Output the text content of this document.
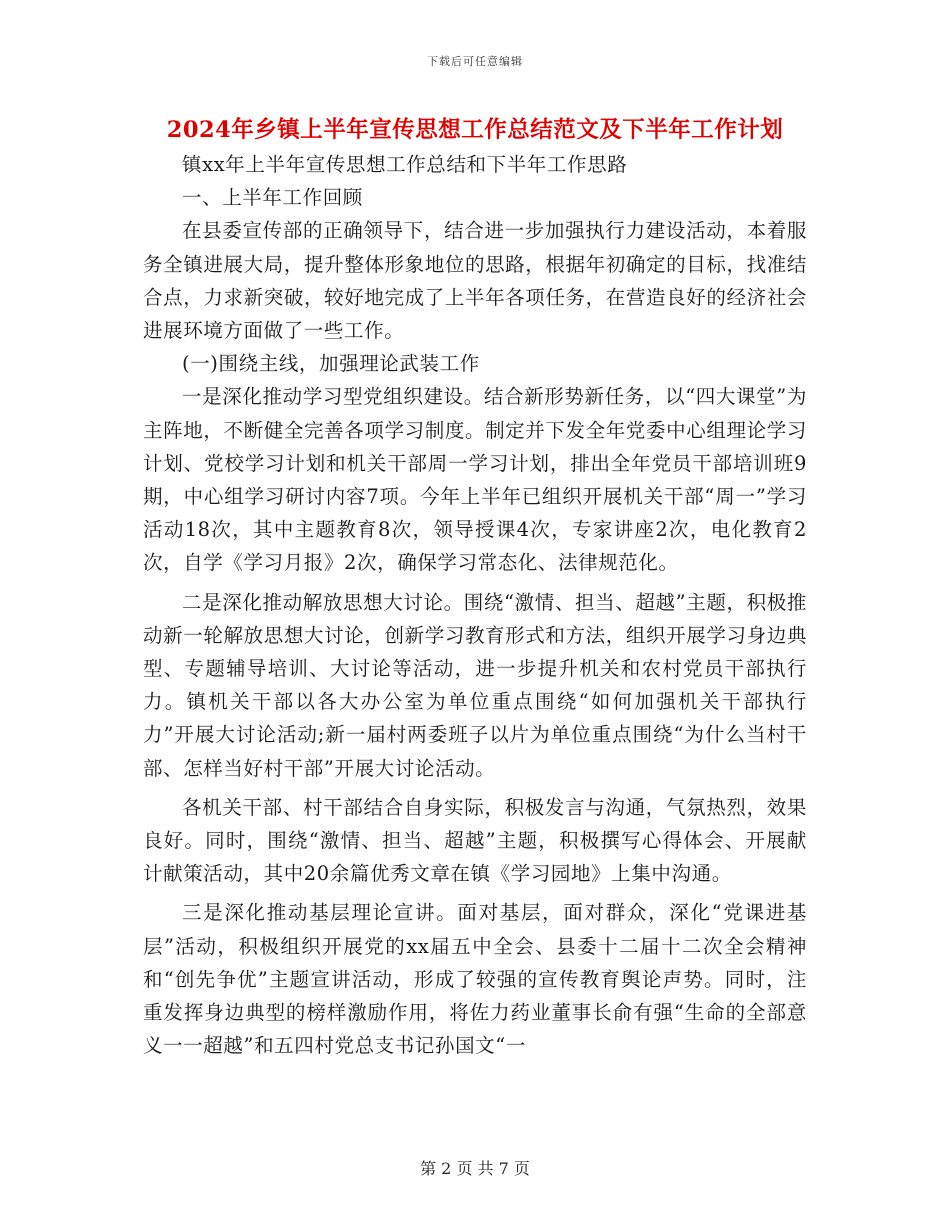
下载后可任意编辑
2024年乡镇上半年宣传思想工作总结范文及下半年工作计划

镇xx年上半年宣传思想工作总结和下半年工作思路

一、上半年工作回顾

在县委宣传部的正确领导下，结合进一步加强执行力建设活动，本着服务全镇进展大局，提升整体形象地位的思路，根据年初确定的目标，找准结合点，力求新突破，较好地完成了上半年各项任务，在营造良好的经济社会进展环境方面做了一些工作。

(一)围绕主线，加强理论武装工作

一是深化推动学习型党组织建设。结合新形势新任务，以“四大课堂”为主阵地，不断健全完善各项学习制度。制定并下发全年党委中心组理论学习计划、党校学习计划和机关干部周一学习计划，排出全年党员干部培训班9期，中心组学习研讨内容7项。今年上半年已组织开展机关干部“周一”学习活动18次，其中主题教育8次，领导授课4次，专家讲座2次，电化教育2次，自学《学习月报》2次，确保学习常态化、法律规范化。

二是深化推动解放思想大讨论。围绕“激情、担当、超越”主题，积极推动新一轮解放思想大讨论，创新学习教育形式和方法，组织开展学习身边典型、专题辅导培训、大讨论等活动，进一步提升机关和农村党员干部执行力。镇机关干部以各大办公室为单位重点围绕“如何加强机关干部执行力”开展大讨论活动;新一届村两委班子以片为单位重点围绕“为什么当村干部、怎样当好村干部”开展大讨论活动。

各机关干部、村干部结合自身实际，积极发言与沟通，气氛热烈，效果良好。同时，围绕“激情、担当、超越”主题，积极撰写心得体会、开展献计献策活动，其中20余篇优秀文章在镇《学习园地》上集中沟通。

三是深化推动基层理论宣讲。面对基层，面对群众，深化“党课进基层”活动，积极组织开展党的xx届五中全会、县委十二届十二次全会精神和“创先争优”主题宣讲活动，形成了较强的宣传教育舆论声势。同时，注重发挥身边典型的榜样激励作用，将佐力药业董事长俞有强“生命的全部意义一一超越”和五四村党总支书记孙国文“一

第 2 页 共 7 页
